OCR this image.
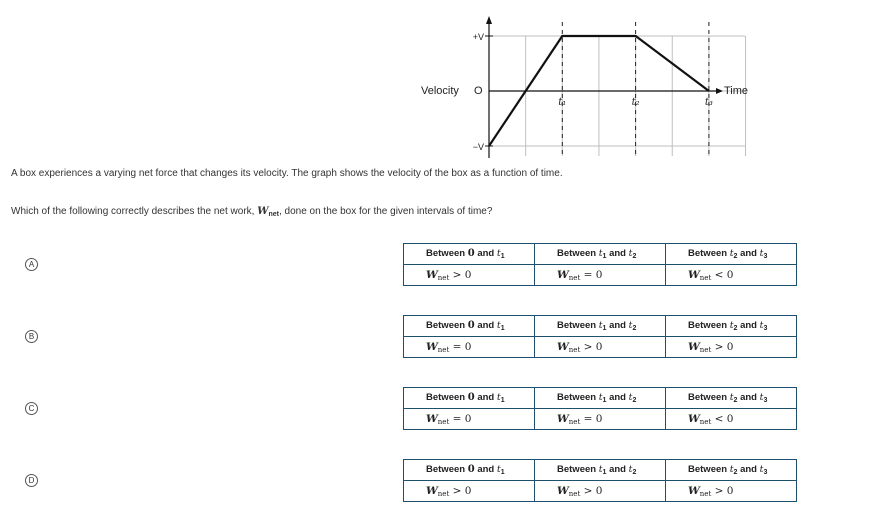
Velocity O	Time
+V
−V
t₁	t₂	t₃
A box experiences a varying net force that changes its velocity. The graph shows the velocity of the box as a function of time.
Which of the following correctly describes the net work, $W_{net}$, done on the box for the given intervals of time?
A
Between 0 and $t_1$	Between $t_1$ and $t_2$	Between $t_2$ and $t_3$
Wnet > 0	Wnet = 0	Wnet < 0
B
Between 0 and $t_1$	Between $t_1$ and $t_2$	Between $t_2$ and $t_3$
Wnet = 0	Wnet > 0	Wnet > 0
C
Between 0 and $t_1$	Between $t_1$ and $t_2$	Between $t_2$ and $t_3$
Wnet = 0	Wnet = 0	Wnet < 0
D
Between 0 and $t_1$	Between $t_1$ and $t_2$	Between $t_2$ and $t_3$
Wnet > 0	Wnet > 0	Wnet > 0
